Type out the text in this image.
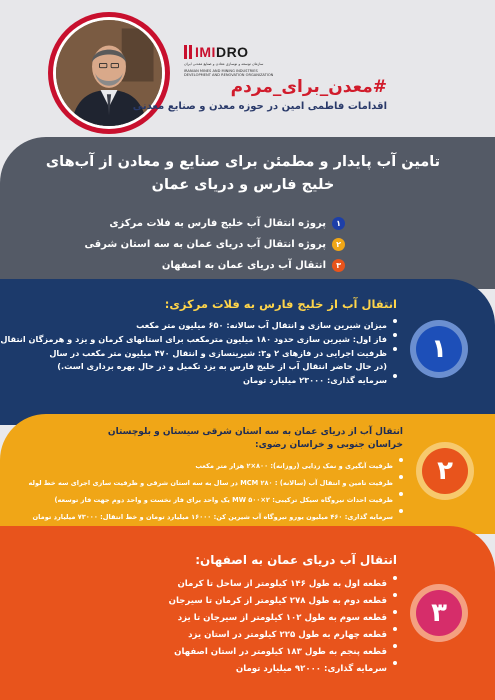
IMIDRO
سازمان توسعه و نوسازی معادن و صنایع معدنی ایران
IRANIAN MINES AND MINING INDUSTRIES DEVELOPMENT AND RENOVATION ORGANIZATION
#معدن_برای_مردم
اقدامات فاطمی امین در حوزه معدن و صنایع معدنی
تامین آب پایدار و مطمئن برای صنایع و معادن از آب‌های خلیج فارس و دریای عمان
۱
پروژه انتقال آب خلیج فارس به فلات مرکزی
۲
پروژه انتقال آب دریای عمان به سه استان شرقی
۳
انتقال آب دریای عمان به اصفهان
۱
انتقال آب از خلیج فارس به فلات مرکزی:
میزان شیرین سازی و انتقال آب سالانه: ۶۵۰ میلیون متر مکعب
فاز اول: شیرین سازی حدود ۱۸۰ میلیون مترمکعب برای استانهای کرمان و یزد و هرمزگان انتقال
ظرفیت اجرایی در فازهای ۲ و۳: شیرینسازی و انتقال ۴۷۰ میلیون متر مکعب در سال
(در حال حاضر انتقال آب از خلیج فارس به یزد تکمیل و در حال بهره برداری است.)
سرمایه گذاری: ۲۳۰۰۰ میلیارد تومان
۲
انتقال آب از دریای عمان به سه استان شرقی سیستان و بلوچستان
خراسان جنوبی و خراسان رضوی:
ظرفیت آبگیری و نمک زدایی (روزانه): ۸۰۰×۲ هزار متر مکعب
ظرفیت تامین و انتقال آب (سالانه) : MCM ۲۸۰ در سال به سه استان شرقی و ظرفیت سازی اجرای سه خط لوله
ظرفیت احداث نیروگاه سیکل ترکیبی: MW ۵۰۰×۲ یک واحد برای فاز نخست و واحد دوم جهت فاز توسعه)
سرمایه گذاری: ۴۶۰ میلیون یورو نیروگاه آب شیرین کن: ۱۶۰۰۰ میلیارد تومان و خط انتقال: ۷۳۰۰۰ میلیارد تومان
۳
انتقال آب دریای عمان به اصفهان:
قطعه اول به طول ۱۴۶ کیلومتر از ساحل تا کرمان
قطعه دوم به طول ۲۷۸ کیلومتر از کرمان تا سیرجان
قطعه سوم به طول ۱۰۲ کیلومتر از سیرجان تا یزد
قطعه چهارم به طول ۲۲۵ کیلومتر در استان یزد
قطعه پنجم به طول ۱۸۳ کیلومتر در استان اصفهان
سرمایه گذاری: ۹۲۰۰۰ میلیارد تومان
